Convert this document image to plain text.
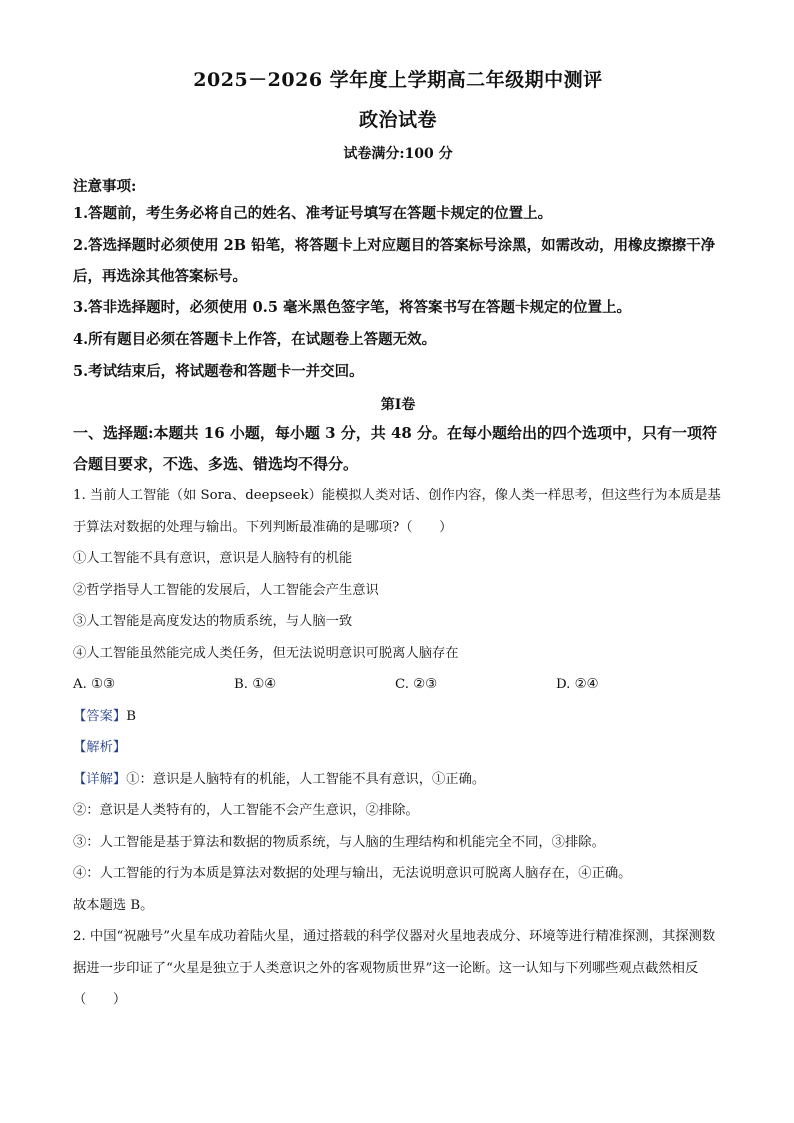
2025－2026 学年度上学期高二年级期中测评

政治试卷

试卷满分:100 分
注意事项:

1.答题前，考生务必将自己的姓名、准考证号填写在答题卡规定的位置上。

2.答选择题时必须使用 2B 铅笔，将答题卡上对应题目的答案标号涂黑，如需改动，用橡皮擦擦干净后，再选涂其他答案标号。

3.答非选择题时，必须使用 0.5 毫米黑色签字笔，将答案书写在答题卡规定的位置上。

4.所有题目必须在答题卡上作答，在试题卷上答题无效。

5.考试结束后，将试题卷和答题卡一并交回。

第Ⅰ卷

一、选择题:本题共 16 小题，每小题 3 分，共 48 分。在每小题给出的四个选项中，只有一项符合题目要求，不选、多选、错选均不得分。

1. 当前人工智能（如 Sora、deepseek）能模拟人类对话、创作内容，像人类一样思考，但这些行为本质是基于算法对数据的处理与输出。下列判断最准确的是哪项?（　　）

①人工智能不具有意识，意识是人脑特有的机能

②哲学指导人工智能的发展后，人工智能会产生意识

③人工智能是高度发达的物质系统，与人脑一致

④人工智能虽然能完成人类任务，但无法说明意识可脱离人脑存在

A. ①③	B. ①④	C. ②③	D. ②④

【答案】B

【解析】

【详解】①：意识是人脑特有的机能，人工智能不具有意识，①正确。

②：意识是人类特有的，人工智能不会产生意识，②排除。

③：人工智能是基于算法和数据的物质系统，与人脑的生理结构和机能完全不同，③排除。

④：人工智能的行为本质是算法对数据的处理与输出，无法说明意识可脱离人脑存在，④正确。

故本题选 B。

2. 中国“祝融号”火星车成功着陆火星，通过搭载的科学仪器对火星地表成分、环境等进行精准探测，其探测数据进一步印证了“火星是独立于人类意识之外的客观物质世界”这一论断。这一认知与下列哪些观点截然相反（　　）
